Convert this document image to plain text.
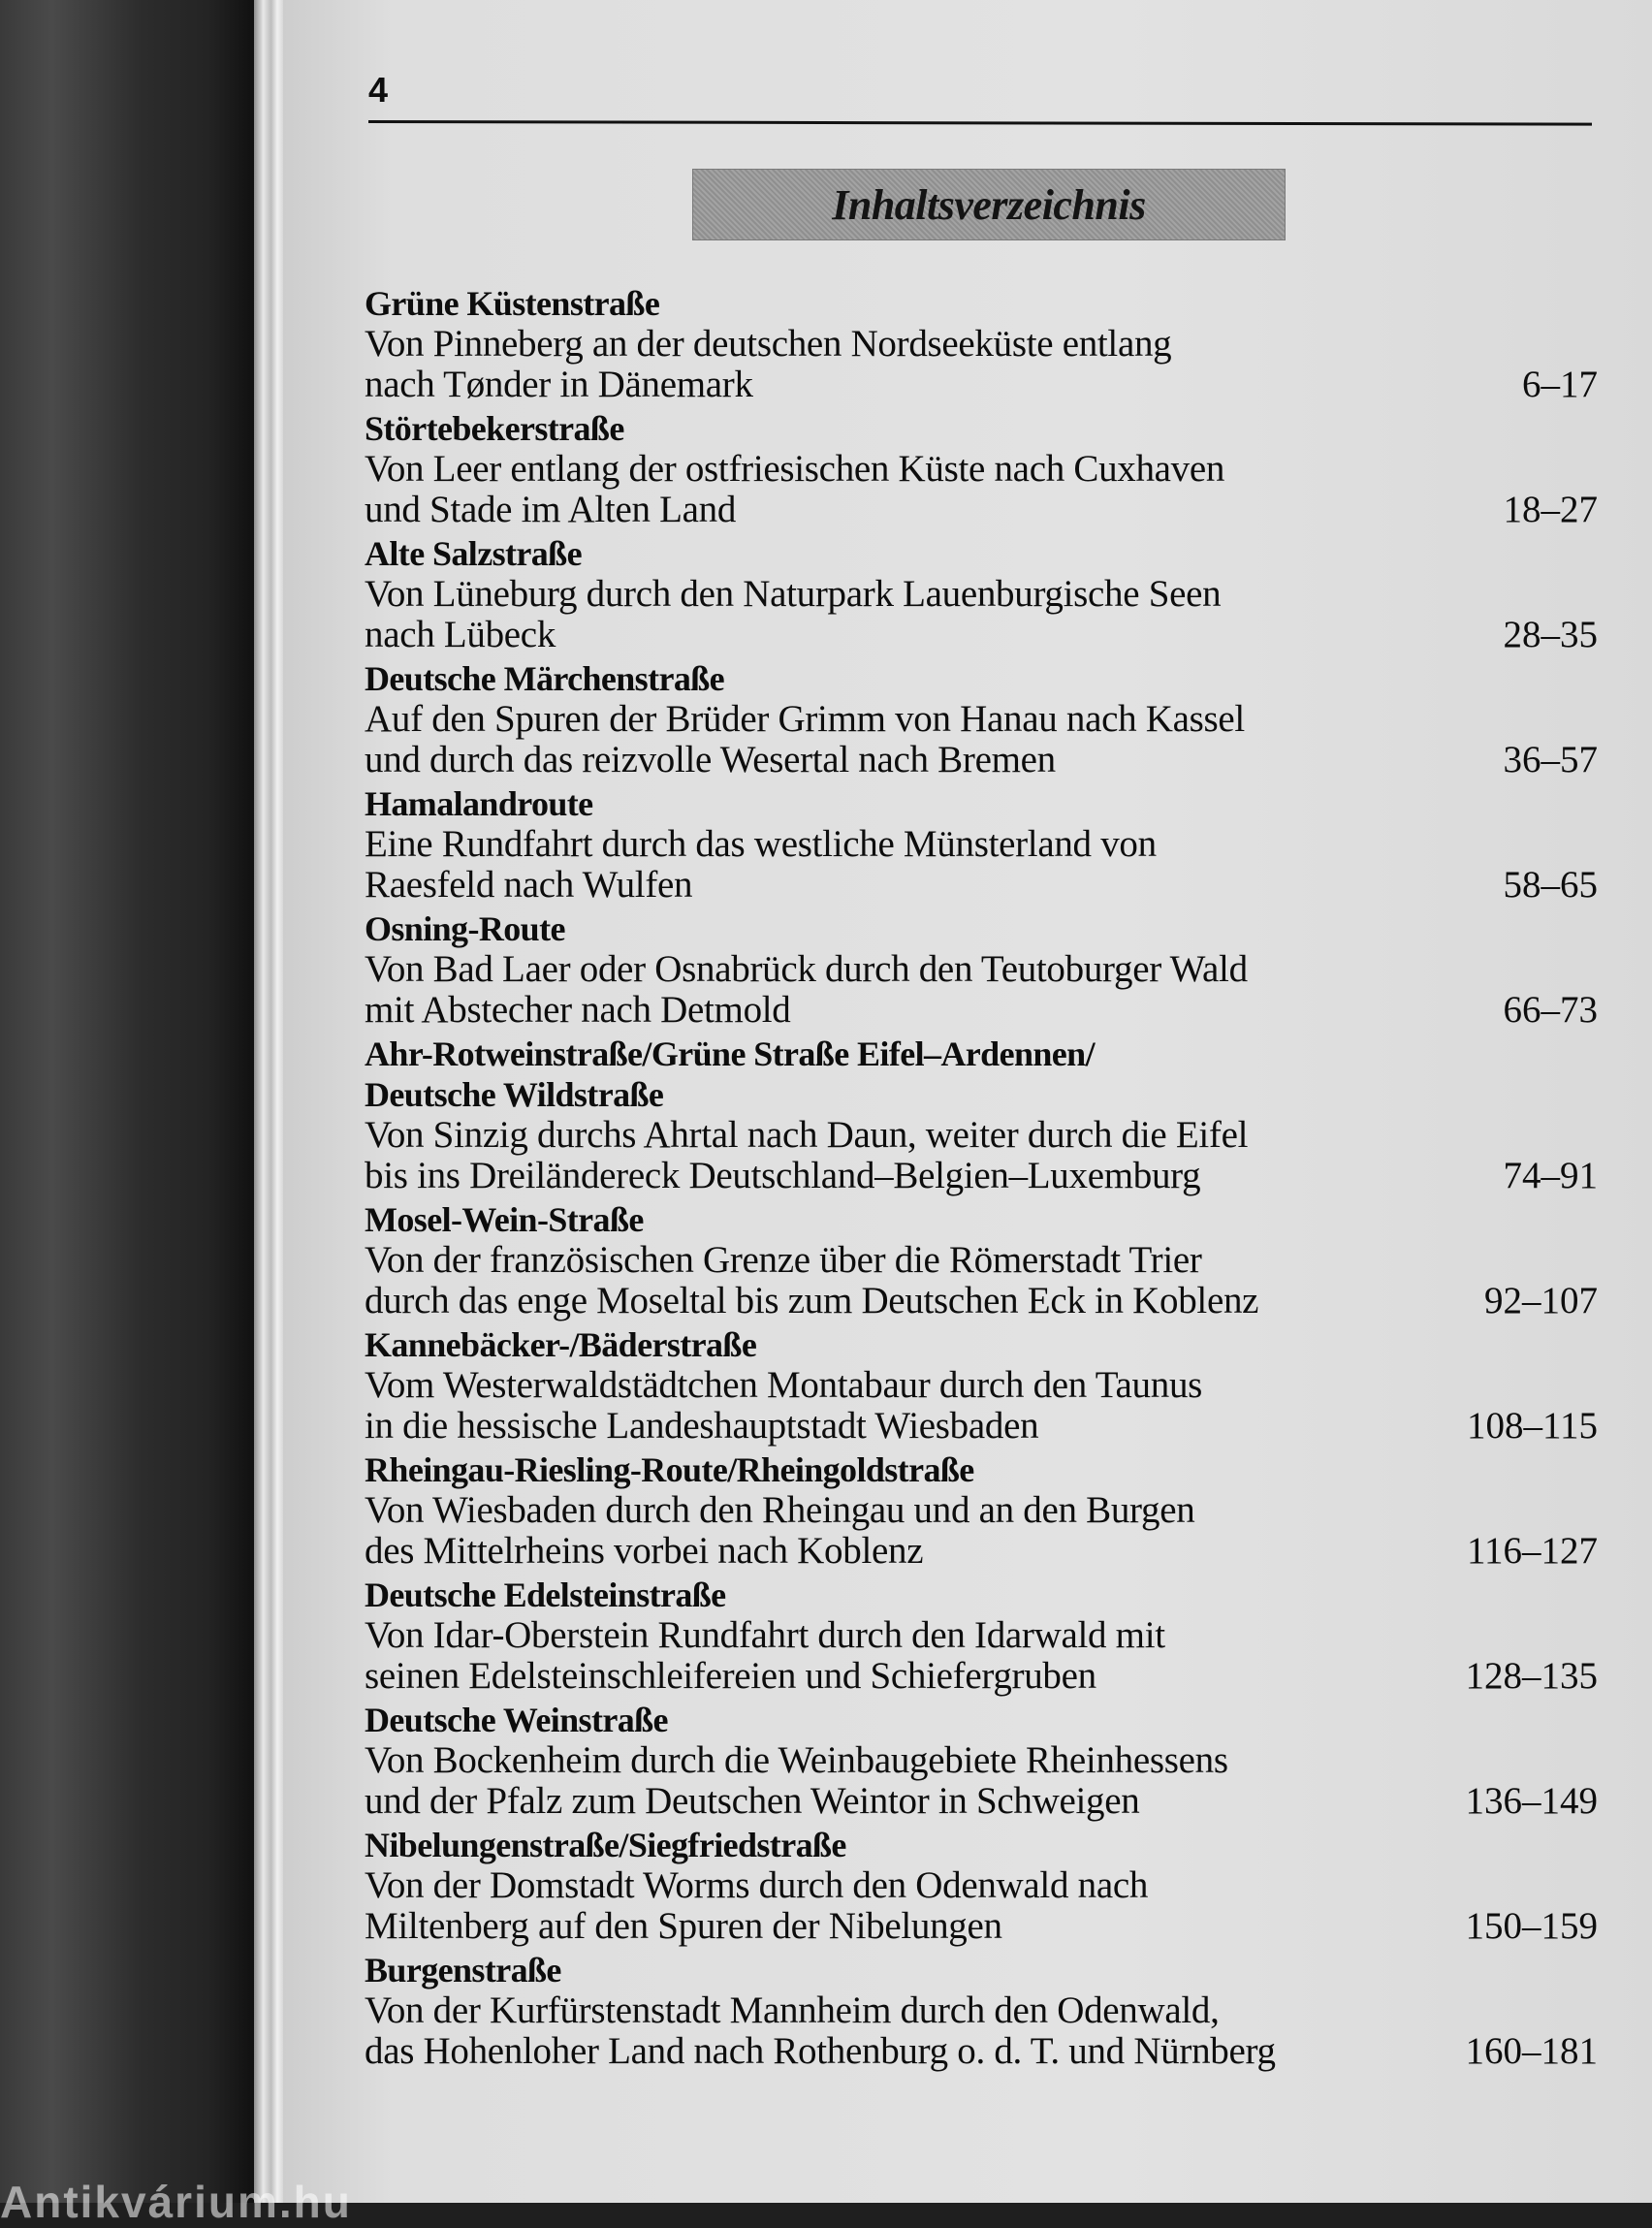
4
Inhaltsverzeichnis
Grüne Küstenstraße
Von Pinneberg an der deutschen Nordseeküste entlang
nach Tønder in Dänemark	6–17
Störtebekerstraße
Von Leer entlang der ostfriesischen Küste nach Cuxhaven
und Stade im Alten Land	18–27
Alte Salzstraße
Von Lüneburg durch den Naturpark Lauenburgische Seen
nach Lübeck	28–35
Deutsche Märchenstraße
Auf den Spuren der Brüder Grimm von Hanau nach Kassel
und durch das reizvolle Wesertal nach Bremen	36–57
Hamalandroute
Eine Rundfahrt durch das westliche Münsterland von
Raesfeld nach Wulfen	58–65
Osning-Route
Von Bad Laer oder Osnabrück durch den Teutoburger Wald
mit Abstecher nach Detmold	66–73
Ahr-Rotweinstraße/Grüne Straße Eifel–Ardennen/
Deutsche Wildstraße
Von Sinzig durchs Ahrtal nach Daun, weiter durch die Eifel
bis ins Dreiländereck Deutschland–Belgien–Luxemburg	74–91
Mosel-Wein-Straße
Von der französischen Grenze über die Römerstadt Trier
durch das enge Moseltal bis zum Deutschen Eck in Koblenz	92–107
Kannebäcker-/Bäderstraße
Vom Westerwaldstädtchen Montabaur durch den Taunus
in die hessische Landeshauptstadt Wiesbaden	108–115
Rheingau-Riesling-Route/Rheingoldstraße
Von Wiesbaden durch den Rheingau und an den Burgen
des Mittelrheins vorbei nach Koblenz	116–127
Deutsche Edelsteinstraße
Von Idar-Oberstein Rundfahrt durch den Idarwald mit
seinen Edelsteinschleifereien und Schiefergruben	128–135
Deutsche Weinstraße
Von Bockenheim durch die Weinbaugebiete Rheinhessens
und der Pfalz zum Deutschen Weintor in Schweigen	136–149
Nibelungenstraße/Siegfriedstraße
Von der Domstadt Worms durch den Odenwald nach
Miltenberg auf den Spuren der Nibelungen	150–159
Burgenstraße
Von der Kurfürstenstadt Mannheim durch den Odenwald,
das Hohenloher Land nach Rothenburg o. d. T. und Nürnberg	160–181
Antikvárium.hu
